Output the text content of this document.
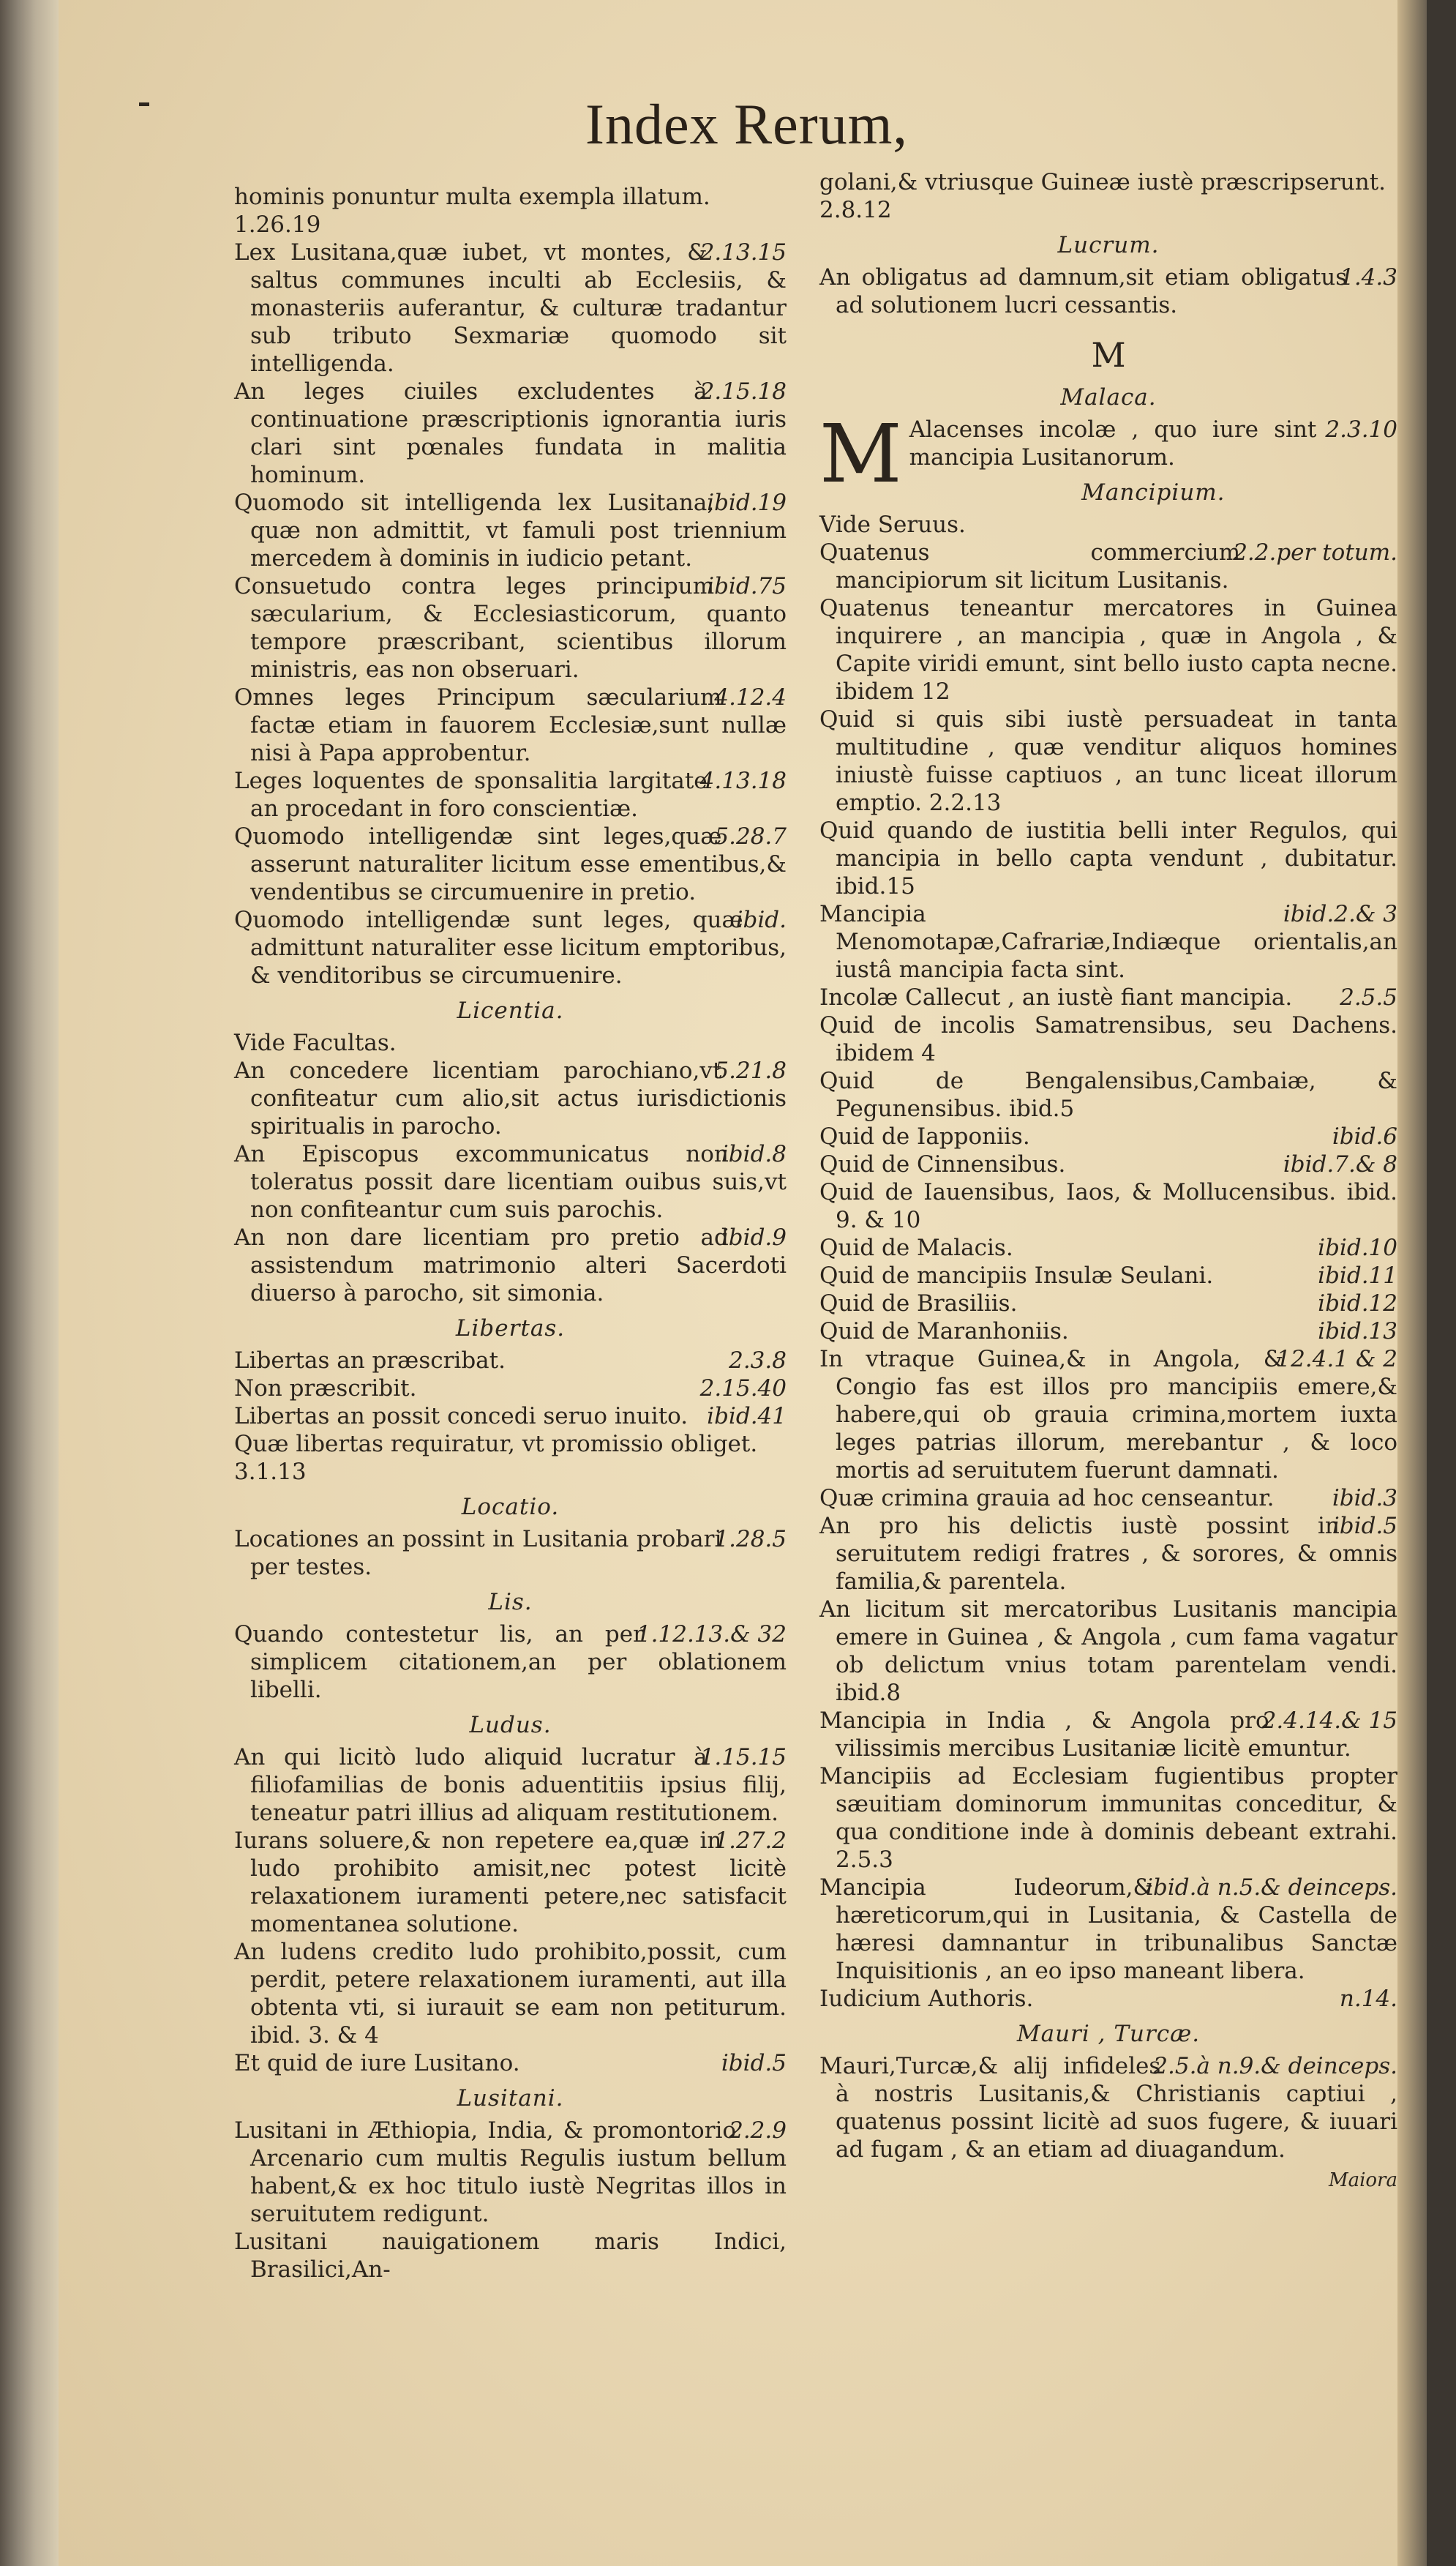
Index Rerum,

hominis ponuntur multa exempla illatum.

1.26.19

2.13.15
Lex Lusitana,quæ iubet, vt montes, & saltus communes inculti ab Ecclesiis, & monasteriis auferantur, & culturæ tradantur sub tributo Sexmariæ quomodo sit intelligenda.

2.15.18
An leges ciuiles excludentes à continuatione præscriptionis ignorantia iuris clari sint pœnales fundata in malitia hominum.

ibid.19
Quomodo sit intelligenda lex Lusitana, quæ non admittit, vt famuli post triennium mercedem à dominis in iudicio petant.

ibid.75
Consuetudo contra leges principum sæcularium, & Ecclesiasticorum, quanto tempore præscribant, scientibus illorum ministris, eas non obseruari.

4.12.4
Omnes leges Principum sæcularium factæ etiam in fauorem Ecclesiæ,sunt nullæ nisi à Papa approbentur.

4.13.18
Leges loquentes de sponsalitia largitate an procedant in foro conscientiæ.

5.28.7
Quomodo intelligendæ sint leges,quæ asserunt naturaliter licitum esse ementibus,& vendentibus se circumuenire in pretio.

ibid.
Quomodo intelligendæ sunt leges, quæ admittunt naturaliter esse licitum emptoribus, & venditoribus se circumuenire.

Licentia.

Vide Facultas.

5.21.8
An concedere licentiam parochiano,vt confiteatur cum alio,sit actus iurisdictionis spiritualis in parocho.

ibid.8
An Episcopus excommunicatus non toleratus possit dare licentiam ouibus suis,vt non confiteantur cum suis parochis.

ibid.9
An non dare licentiam pro pretio ad assistendum matrimonio alteri Sacerdoti diuerso à parocho, sit simonia.

Libertas.

2.3.8
Libertas an præscribat.

2.15.40
Non præscribit.

ibid.41
Libertas an possit concedi seruo inuito.

Quæ libertas requiratur, vt promissio obliget.

3.1.13

Locatio.

1.28.5
Locationes an possint in Lusitania probari per testes.

Lis.

1.12.13.& 32
Quando contestetur lis, an per simplicem citationem,an per oblationem libelli.

Ludus.

1.15.15
An qui licitò ludo aliquid lucratur à filiofamilias de bonis aduentitiis ipsius filij, teneatur patri illius ad aliquam restitutionem.

1.27.2
Iurans soluere,& non repetere ea,quæ in ludo prohibito amisit,nec potest licitè relaxationem iuramenti petere,nec satisfacit momentanea solutione.

An ludens credito ludo prohibito,possit, cum perdit, petere relaxationem iuramenti, aut illa obtenta vti, si iurauit se eam non petiturum. ibid. 3. & 4

ibid.5
Et quid de iure Lusitano.

Lusitani.

2.2.9
Lusitani in Æthiopia, India, & promontorio Arcenario cum multis Regulis iustum bellum habent,& ex hoc titulo iustè Negritas illos in seruitutem redigunt.

Lusitani nauigationem maris Indici, Brasilici,An-

golani,& vtriusque Guineæ iustè præscripserunt.

2.8.12

Lucrum.

1.4.3
An obligatus ad damnum,sit etiam obligatus ad solutionem lucri cessantis.

M
Malaca.

M	2.3.10
Alacenses incolæ , quo iure sint mancipia Lusitanorum.

Mancipium.

Vide Seruus.

2.2.per totum.
Quatenus commercium mancipiorum sit licitum Lusitanis.

Quatenus teneantur mercatores in Guinea inquirere , an mancipia , quæ in Angola , & Capite viridi emunt, sint bello iusto capta necne. ibidem 12

Quid si quis sibi iustè persuadeat in tanta multitudine , quæ venditur aliquos homines iniustè fuisse captiuos , an tunc liceat illorum emptio. 2.2.13

Quid quando de iustitia belli inter Regulos, qui mancipia in bello capta vendunt , dubitatur. ibid.15

ibid.2.& 3
Mancipia Menomotapæ,Cafrariæ,Indiæque orientalis,an iustâ mancipia facta sint.

2.5.5
Incolæ Callecut , an iustè fiant mancipia.

Quid de incolis Samatrensibus, seu Dachens. ibidem 4

Quid de Bengalensibus,Cambaiæ, & Pegunensibus. ibid.5

ibid.6
Quid de Iapponiis.

ibid.7.& 8
Quid de Cinnensibus.

Quid de Iauensibus, Iaos, & Mollucensibus. ibid. 9. & 10

ibid.10
Quid de Malacis.

ibid.11
Quid de mancipiis Insulæ Seulani.

ibid.12
Quid de Brasiliis.

ibid.13
Quid de Maranhoniis.

12.4.1 & 2
In vtraque Guinea,& in Angola, & Congio fas est illos pro mancipiis emere,& habere,qui ob grauia crimina,mortem iuxta leges patrias illorum, merebantur , & loco mortis ad seruitutem fuerunt damnati.

ibid.3
Quæ crimina grauia ad hoc censeantur.

ibid.5
An pro his delictis iustè possint in seruitutem redigi fratres , & sorores, & omnis familia,& parentela.

An licitum sit mercatoribus Lusitanis mancipia emere in Guinea , & Angola , cum fama vagatur ob delictum vnius totam parentelam vendi. ibid.8

2.4.14.& 15
Mancipia in India , & Angola pro vilissimis mercibus Lusitaniæ licitè emuntur.

Mancipiis ad Ecclesiam fugientibus propter sæuitiam dominorum immunitas conceditur, & qua conditione inde à dominis debeant extrahi. 2.5.3

ibid.à n.5.& deinceps.
Mancipia Iudeorum,& hæreticorum,qui in Lusitania, & Castella de hæresi damnantur in tribunalibus Sanctæ Inquisitionis , an eo ipso maneant libera.

n.14.
Iudicium Authoris.

Mauri , Turcæ.

2.5.à n.9.& deinceps.
Mauri,Turcæ,& alij infideles à nostris Lusitanis,& Christianis captiui , quatenus possint licitè ad suos fugere, & iuuari ad fugam , & an etiam ad diuagandum.

Maiora
